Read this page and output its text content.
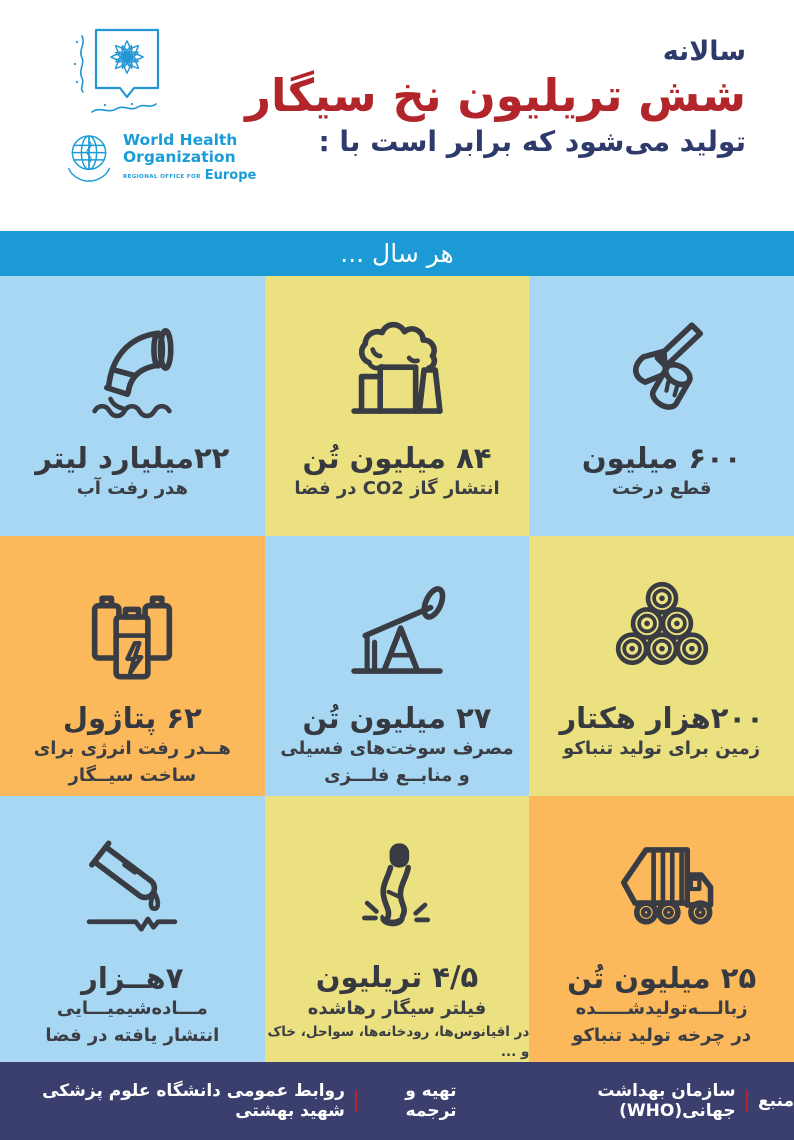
World Health
Organization
REGIONAL OFFICE FOR Europe
سالانه
شش تریلیون نخ سیگار
تولید می‌شود که برابر است با :
هر سال ...
۲۲میلیارد لیتر
هدر رفت آب
۸۴ میلیون تُن
انتشار گاز CO2 در فضا
۶۰۰ میلیون
قطع درخت
۶۲ پتاژول
هــدر رفت انرژی برای
ساخت سیــگار
۲۷ میلیون تُن
مصرف سوخت‌های فسیلی
و منابــع فلـــزی
۲۰۰هزار هکتار
زمین برای تولید تنباکو
۷هــزار
مـــاده‌شیمیـــایی
انتشار یافته در فضا
۴/۵ تریلیون
فیلتر سیگار رهاشده
در اقیانوس‌ها، رودخانه‌ها، سواحل، خاک و ...
۲۵ میلیون تُن
زبالـــه‌تولیدشـــــده
در چرخه تولید تنباکو
منبع
سازمان بهداشت جهانی(WHO)
تهیه و ترجمه
روابط عمومی دانشگاه علوم پزشکی شهید بهشتی
